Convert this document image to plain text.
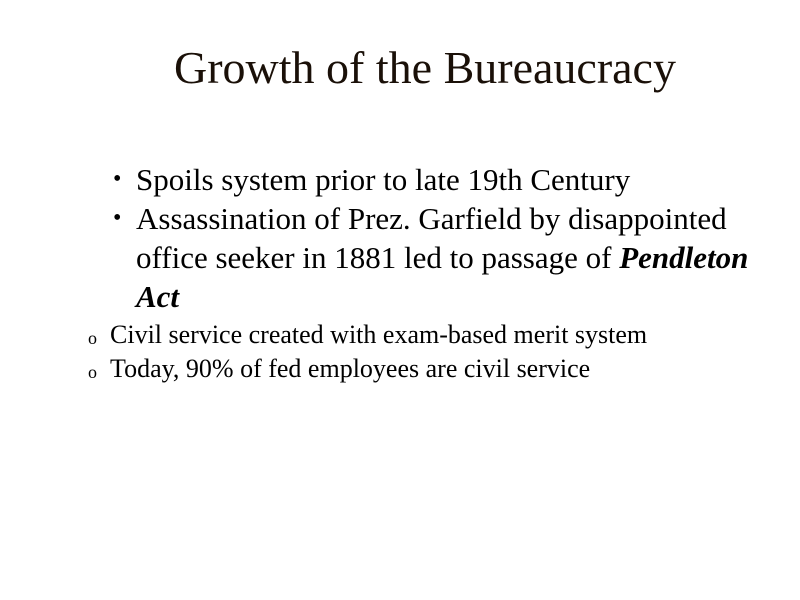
Growth of the Bureaucracy
• Spoils system prior to late 19th Century
• Assassination of Prez. Garfield by disappointed office seeker in 1881 led to passage of Pendleton Act
o Civil service created with exam-based merit system
o Today, 90% of fed employees are civil service
